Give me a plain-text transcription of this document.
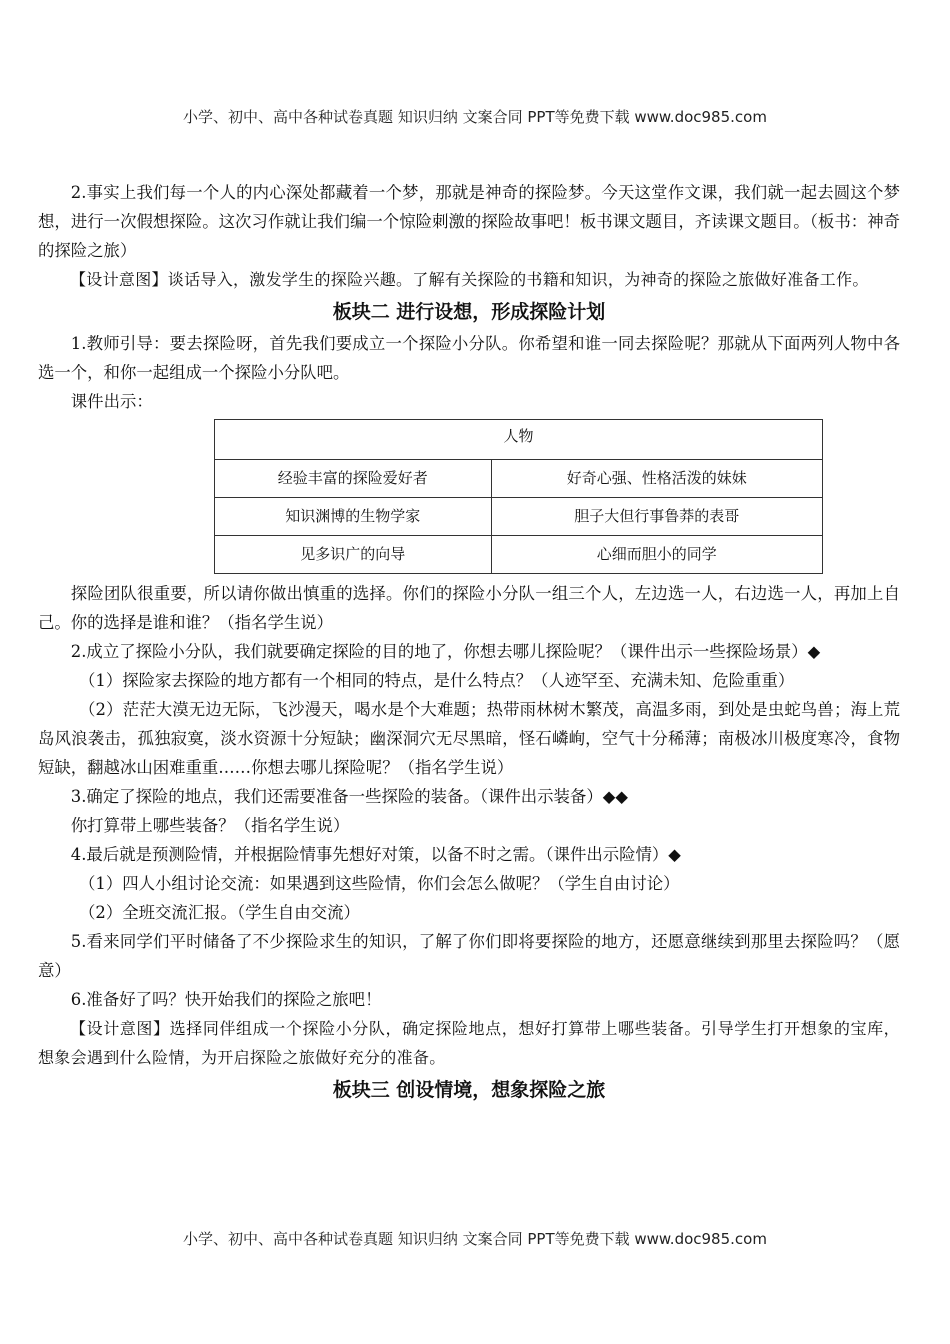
小学、初中、高中各种试卷真题 知识归纳 文案合同 PPT等免费下载 www.doc985.com

2.事实上我们每一个人的内心深处都藏着一个梦，那就是神奇的探险梦。今天这堂作文课，我们就一起去圆这个梦想，进行一次假想探险。这次习作就让我们编一个惊险刺激的探险故事吧！板书课文题目，齐读课文题目。（板书：神奇的探险之旅）

【设计意图】谈话导入，激发学生的探险兴趣。了解有关探险的书籍和知识，为神奇的探险之旅做好准备工作。

板块二 进行设想，形成探险计划

1.教师引导：要去探险呀，首先我们要成立一个探险小分队。你希望和谁一同去探险呢？那就从下面两列人物中各选一个，和你一起组成一个探险小分队吧。

课件出示：

人物	
经验丰富的探险爱好者	好奇心强、性格活泼的妹妹
知识渊博的生物学家	胆子大但行事鲁莽的表哥
见多识广的向导	心细而胆小的同学

探险团队很重要，所以请你做出慎重的选择。你们的探险小分队一组三个人，左边选一人，右边选一人，再加上自己。你的选择是谁和谁？（指名学生说）

2.成立了探险小分队，我们就要确定探险的目的地了，你想去哪儿探险呢？（课件出示一些探险场景）◆

（1）探险家去探险的地方都有一个相同的特点，是什么特点？（人迹罕至、充满未知、危险重重）

（2）茫茫大漠无边无际，飞沙漫天，喝水是个大难题；热带雨林树木繁茂，高温多雨，到处是虫蛇鸟兽；海上荒岛风浪袭击，孤独寂寞，淡水资源十分短缺；幽深洞穴无尽黑暗，怪石嶙峋，空气十分稀薄；南极冰川极度寒冷，食物短缺，翻越冰山困难重重……你想去哪儿探险呢？（指名学生说）

3.确定了探险的地点，我们还需要准备一些探险的装备。（课件出示装备）◆◆

你打算带上哪些装备？（指名学生说）

4.最后就是预测险情，并根据险情事先想好对策，以备不时之需。（课件出示险情）◆

（1）四人小组讨论交流：如果遇到这些险情，你们会怎么做呢？（学生自由讨论）

（2）全班交流汇报。（学生自由交流）

5.看来同学们平时储备了不少探险求生的知识，了解了你们即将要探险的地方，还愿意继续到那里去探险吗？（愿意）

6.准备好了吗？快开始我们的探险之旅吧！

【设计意图】选择同伴组成一个探险小分队，确定探险地点，想好打算带上哪些装备。引导学生打开想象的宝库，想象会遇到什么险情，为开启探险之旅做好充分的准备。

板块三 创设情境，想象探险之旅
小学、初中、高中各种试卷真题 知识归纳 文案合同 PPT等免费下载 www.doc985.com
